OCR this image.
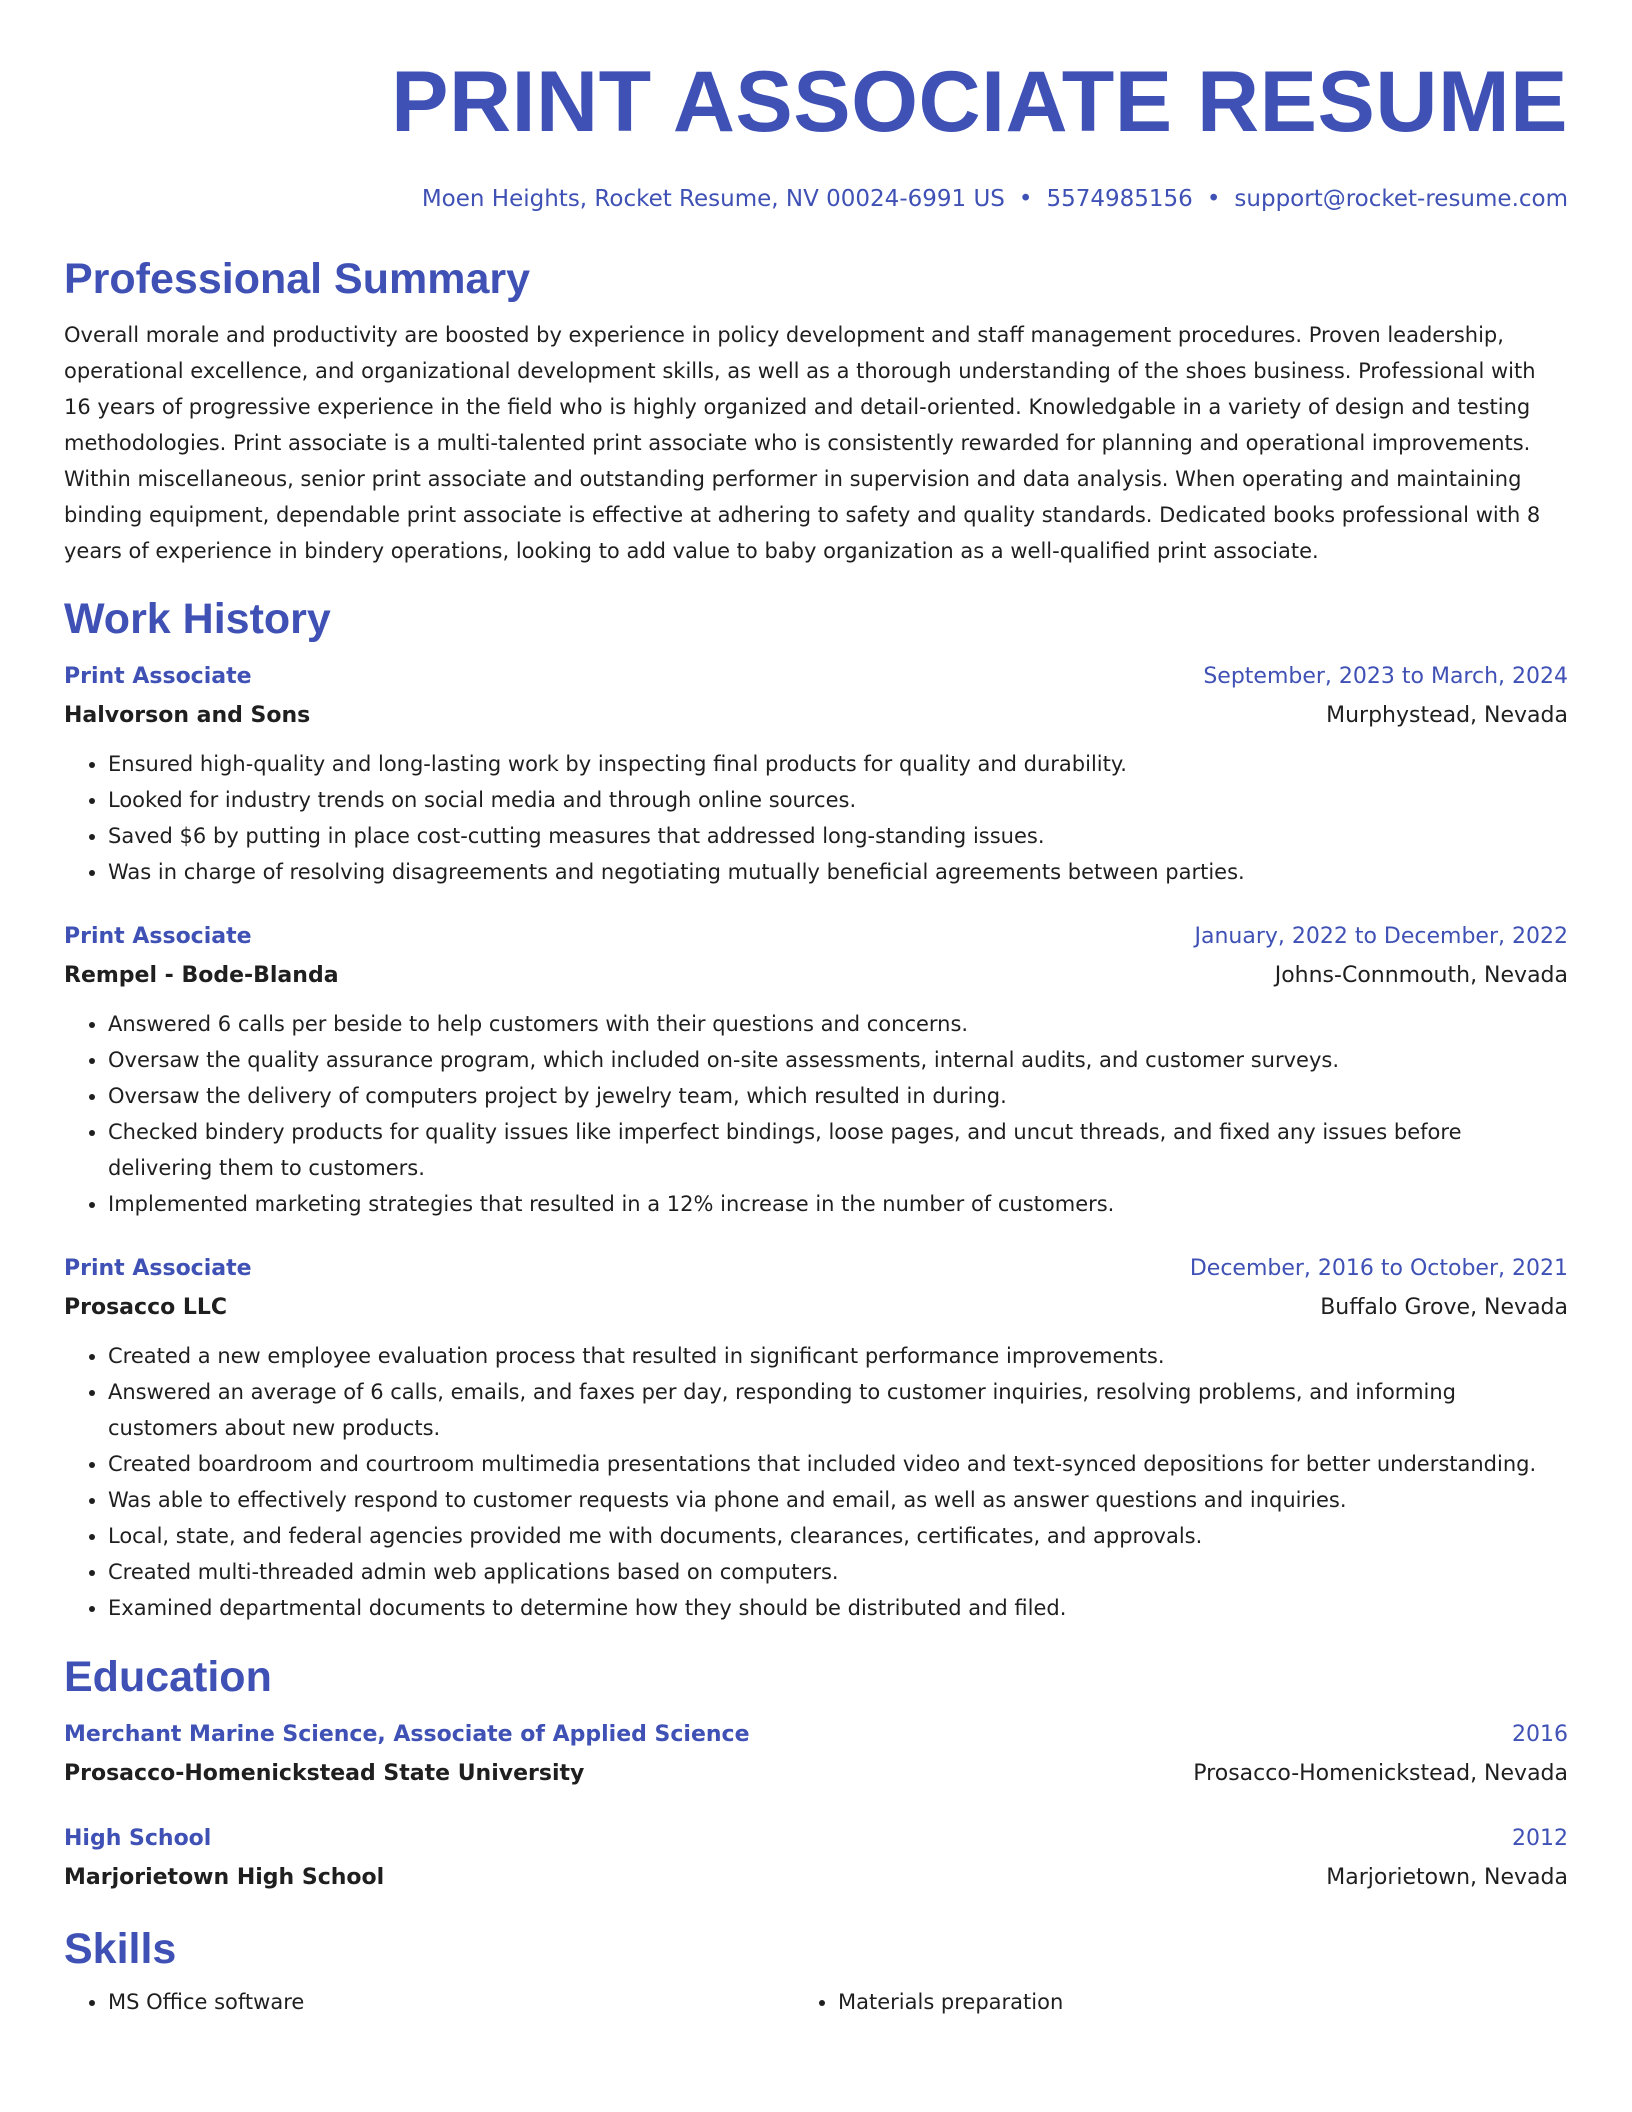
PRINT ASSOCIATE RESUME
Moen Heights, Rocket Resume, NV 00024-6991 US • 5574985156 • support@rocket-resume.com
Professional Summary
Overall morale and productivity are boosted by experience in policy development and staff management procedures. Proven leadership, operational excellence, and organizational development skills, as well as a thorough understanding of the shoes business. Professional with 16 years of progressive experience in the field who is highly organized and detail-oriented. Knowledgable in a variety of design and testing methodologies. Print associate is a multi-talented print associate who is consistently rewarded for planning and operational improvements. Within miscellaneous, senior print associate and outstanding performer in supervision and data analysis. When operating and maintaining binding equipment, dependable print associate is effective at adhering to safety and quality standards. Dedicated books professional with 8 years of experience in bindery operations, looking to add value to baby organization as a well-qualified print associate.
Work History
Print Associate	September, 2023 to March, 2024
Halvorson and Sons	Murphystead, Nevada
• Ensured high-quality and long-lasting work by inspecting final products for quality and durability.
• Looked for industry trends on social media and through online sources.
• Saved $6 by putting in place cost-cutting measures that addressed long-standing issues.
• Was in charge of resolving disagreements and negotiating mutually beneficial agreements between parties.
Print Associate	January, 2022 to December, 2022
Rempel - Bode-Blanda	Johns-Connmouth, Nevada
• Answered 6 calls per beside to help customers with their questions and concerns.
• Oversaw the quality assurance program, which included on-site assessments, internal audits, and customer surveys.
• Oversaw the delivery of computers project by jewelry team, which resulted in during.
• Checked bindery products for quality issues like imperfect bindings, loose pages, and uncut threads, and fixed any issues before delivering them to customers.
• Implemented marketing strategies that resulted in a 12% increase in the number of customers.
Print Associate	December, 2016 to October, 2021
Prosacco LLC	Buffalo Grove, Nevada
• Created a new employee evaluation process that resulted in significant performance improvements.
• Answered an average of 6 calls, emails, and faxes per day, responding to customer inquiries, resolving problems, and informing customers about new products.
• Created boardroom and courtroom multimedia presentations that included video and text-synced depositions for better understanding.
• Was able to effectively respond to customer requests via phone and email, as well as answer questions and inquiries.
• Local, state, and federal agencies provided me with documents, clearances, certificates, and approvals.
• Created multi-threaded admin web applications based on computers.
• Examined departmental documents to determine how they should be distributed and filed.
Education
Merchant Marine Science, Associate of Applied Science	2016
Prosacco-Homenickstead State University	Prosacco-Homenickstead, Nevada
High School	2012
Marjorietown High School	Marjorietown, Nevada
Skills
• MS Office software
•	Materials preparation
